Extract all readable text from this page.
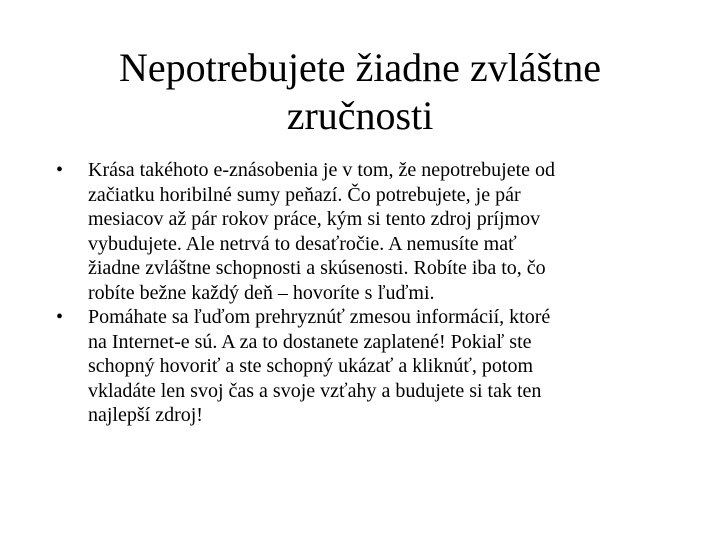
Nepotrebujete žiadne zvláštne
zručnosti
• Krása takéhoto e-znásobenia je v tom, že nepotrebujete od
začiatku horibilné sumy peňazí. Čo potrebujete, je pár
mesiacov až pár rokov práce, kým si tento zdroj príjmov
vybudujete. Ale netrvá to desaťročie. A nemusíte mať
žiadne zvláštne schopnosti a skúsenosti. Robíte iba to, čo
robíte bežne každý deň – hovoríte s ľuďmi.
• Pomáhate sa ľuďom prehryznúť zmesou informácií, ktoré
na Internet-e sú. A za to dostanete zaplatené! Pokiaľ ste
schopný hovoriť a ste schopný ukázať a kliknúť, potom
vkladáte len svoj čas a svoje vzťahy a budujete si tak ten
najlepší zdroj!
